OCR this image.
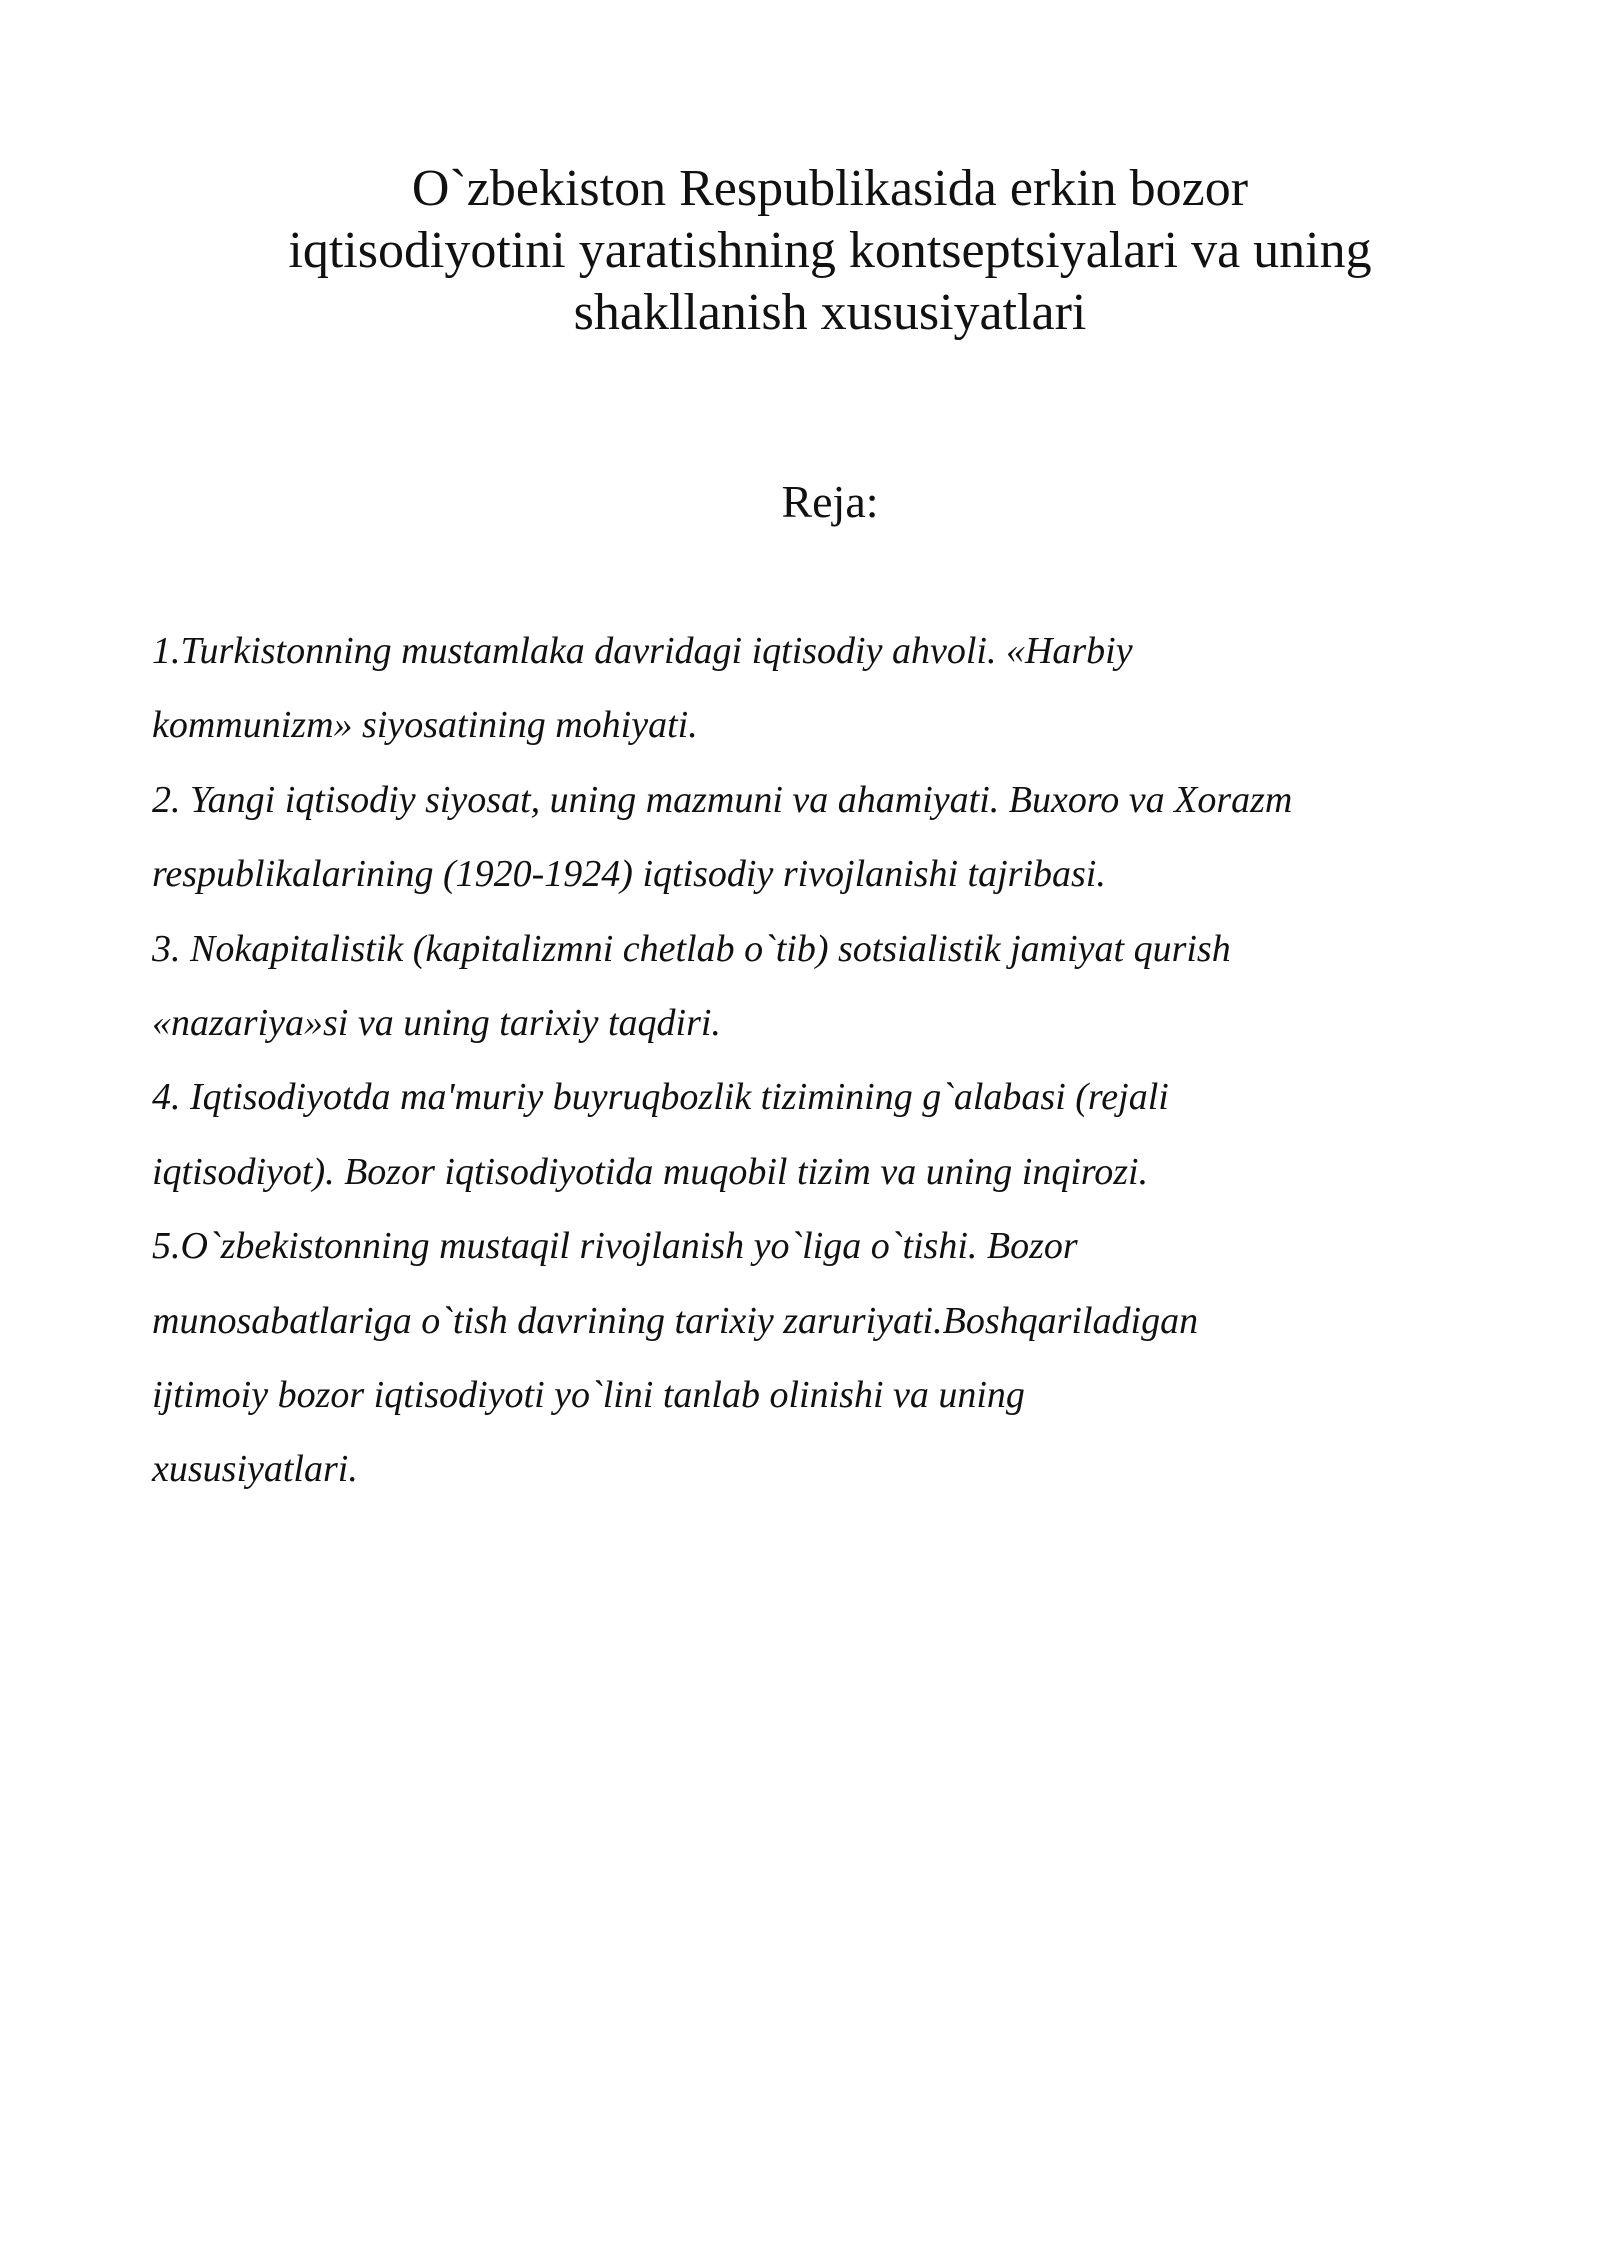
O`zbekiston Respublikasida erkin bozor
iqtisodiyotini yaratishning kontseptsiyalari va uning
shakllanish xususiyatlari
Reja:
1.Turkistonning mustamlaka davridagi iqtisodiy ahvoli. «Harbiy
kommunizm» siyosatining mohiyati.
2. Yangi iqtisodiy siyosat, uning mazmuni va ahamiyati. Buxoro va Xorazm
respublikalarining (1920-1924) iqtisodiy rivojlanishi tajribasi.
3. Nokapitalistik (kapitalizmni chetlab o`tib) sotsialistik jamiyat qurish
«nazariya»si va uning tarixiy taqdiri.
4. Iqtisodiyotda ma'muriy buyruqbozlik tizimining g`alabasi (rejali
iqtisodiyot). Bozor iqtisodiyotida muqobil tizim va uning inqirozi.
5.O`zbekistonning mustaqil rivojlanish yo`liga o`tishi. Bozor
munosabatlariga o`tish davrining tarixiy zaruriyati.Boshqariladigan
ijtimoiy bozor iqtisodiyoti yo`lini tanlab olinishi va uning
xususiyatlari.
